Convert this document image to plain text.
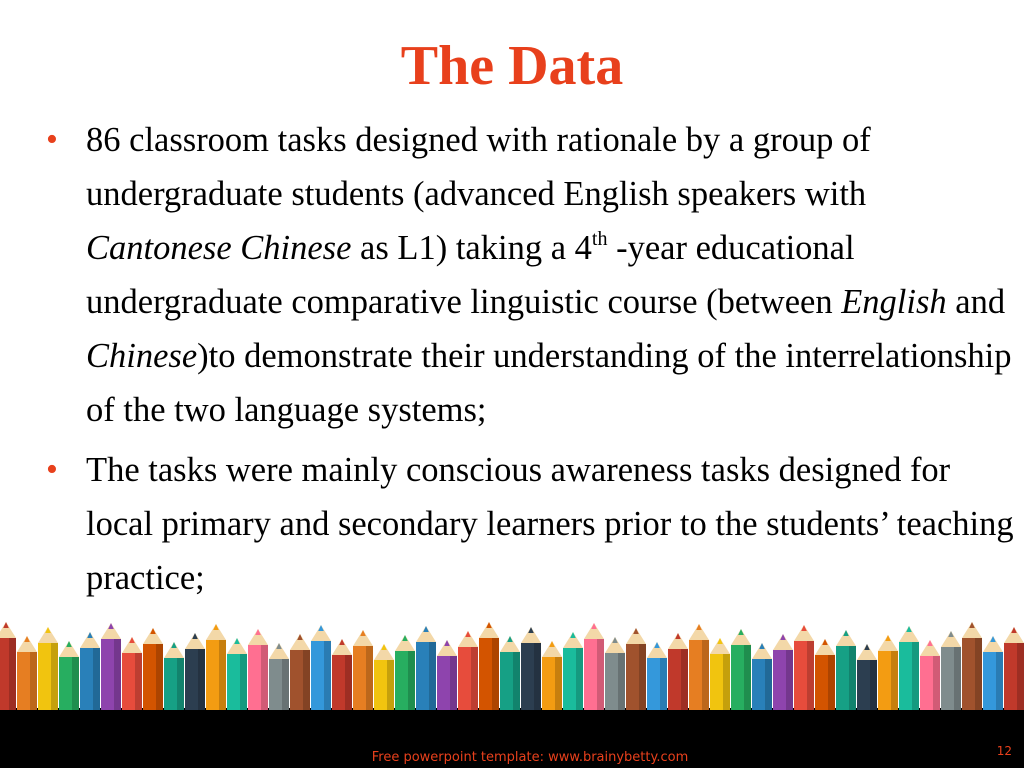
The Data
• 86 classroom tasks designed with rationale by a group of undergraduate students (advanced English speakers with Cantonese Chinese as L1) taking a 4th -year educational undergraduate comparative linguistic course (between English and Chinese)to demonstrate their understanding of the interrelationship of the two language systems;
• The tasks were mainly conscious awareness tasks designed for local primary and secondary learners prior to the students’ teaching practice;
Free powerpoint template: www.brainybetty.com	12
